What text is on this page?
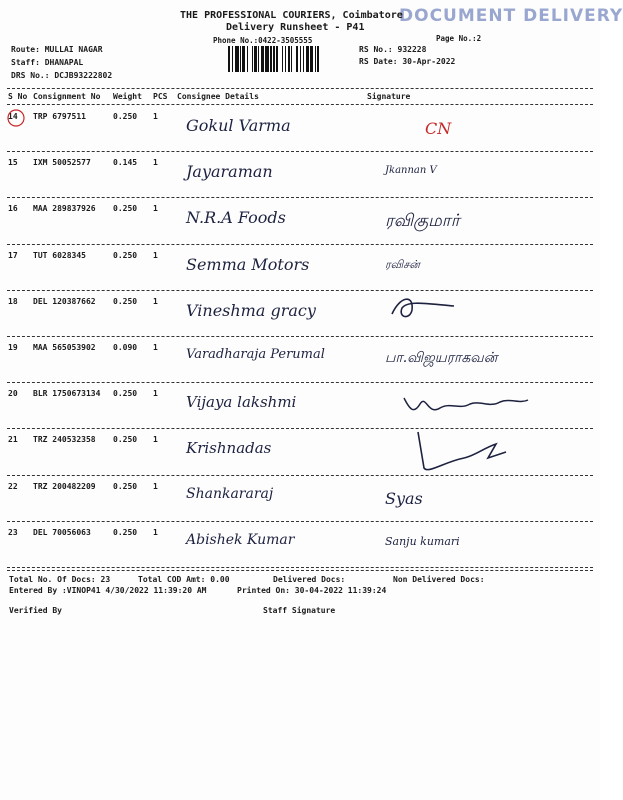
DOCUMENT DELIVERY
THE PROFESSIONAL COURIERS, Coimbatore
Delivery Runsheet - P41
Phone No.:0422-3505555	Page No.:2
Route: MULLAI NAGAR
Staff: DHANAPAL
DRS No.: DCJB93222802
RS No.: 932228
RS Date: 30-Apr-2022
S No Consignment No Weight PCS Consignee Details	Signature
14 TRP 6797511	0.250 1 Gokul Varma	CN
15 IXM 50052577	0.145 1 Jayaraman	Jkannan V
16 MAA 289837926 0.250 1 N.R.A Foods	ரவிகுமார்
17 TUT 6028345	0.250 1 Semma Motors	ரவிசன்
18 DEL 120387662 0.250 1 Vineshma gracy
19 MAA 565053902 0.090 1 Varadharaja Perumal	பா.விஜயராகவன்
20 BLR 1750673134 0.250 1 Vijaya lakshmi
21 TRZ 240532358 0.250 1 Krishnadas
22 TRZ 200482209 0.250 1 Shankararaj	Syas
23 DEL 70056063	0.250 1 Abishek Kumar	Sanju kumari
Total No. Of Docs: 23	Total COD Amt: 0.00	Delivered Docs:	Non Delivered Docs:
Entered By :VINOP41 4/30/2022 11:39:20 AM	Printed On: 30-04-2022 11:39:24
Verified By	Staff Signature
